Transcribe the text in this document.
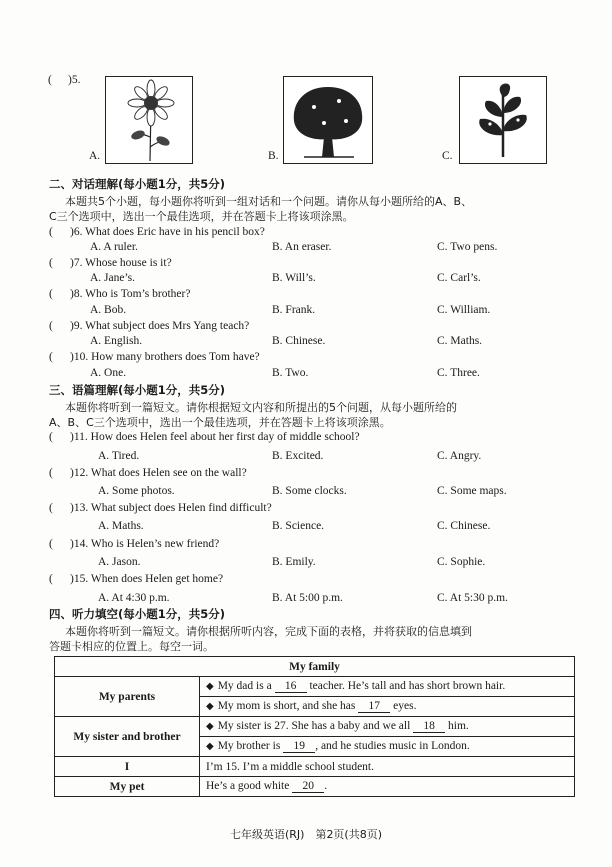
( )5.
A.	B.	C.
二、对话理解(每小题1分，共5分)
本题共5个小题，每小题你将听到一组对话和一个问题。请你从每小题所给的A、B、
C三个选项中，选出一个最佳选项，并在答题卡上将该项涂黑。
( )6. What does Eric have in his pencil box?
A. A ruler.	B. An eraser.	C. Two pens.
( )7. Whose house is it?
A. Jane’s.	B. Will’s.	C. Carl’s.
( )8. Who is Tom’s brother?
A. Bob.	B. Frank.	C. William.
( )9. What subject does Mrs Yang teach?
A. English.	B. Chinese.	C. Maths.
( )10. How many brothers does Tom have?
A. One.	B. Two.	C. Three.
三、语篇理解(每小题1分，共5分)
本题你将听到一篇短文。请你根据短文内容和所提出的5个问题，从每小题所给的
A、B、C三个选项中，选出一个最佳选项，并在答题卡上将该项涂黑。
( )11. How does Helen feel about her first day of middle school?
A. Tired.	B. Excited.	C. Angry.
( )12. What does Helen see on the wall?
A. Some photos.	B. Some clocks.	C. Some maps.
( )13. What subject does Helen find difficult?
A. Maths.	B. Science.	C. Chinese.
( )14. Who is Helen’s new friend?
A. Jason.	B. Emily.	C. Sophie.
( )15. When does Helen get home?
A. At 4:30 p.m.	B. At 5:00 p.m.	C. At 5:30 p.m.
四、听力填空(每小题1分，共5分)
本题你将听到一篇短文。请你根据所听内容，完成下面的表格，并将获取的信息填到
答题卡相应的位置上。每空一词。
My family	
My parents	◆ My dad is a 16 teacher. He’s tall and has short brown hair.
	◆ My mom is short, and she has 17 eyes.
My sister and brother	◆ My sister is 27. She has a baby and we all 18 him.
	◆ My brother is 19 , and he studies music in London.
I	I’m 15. I’m a middle school student.
My pet	He’s a good white 20 .
七年级英语(RJ)　第2页(共8页)
